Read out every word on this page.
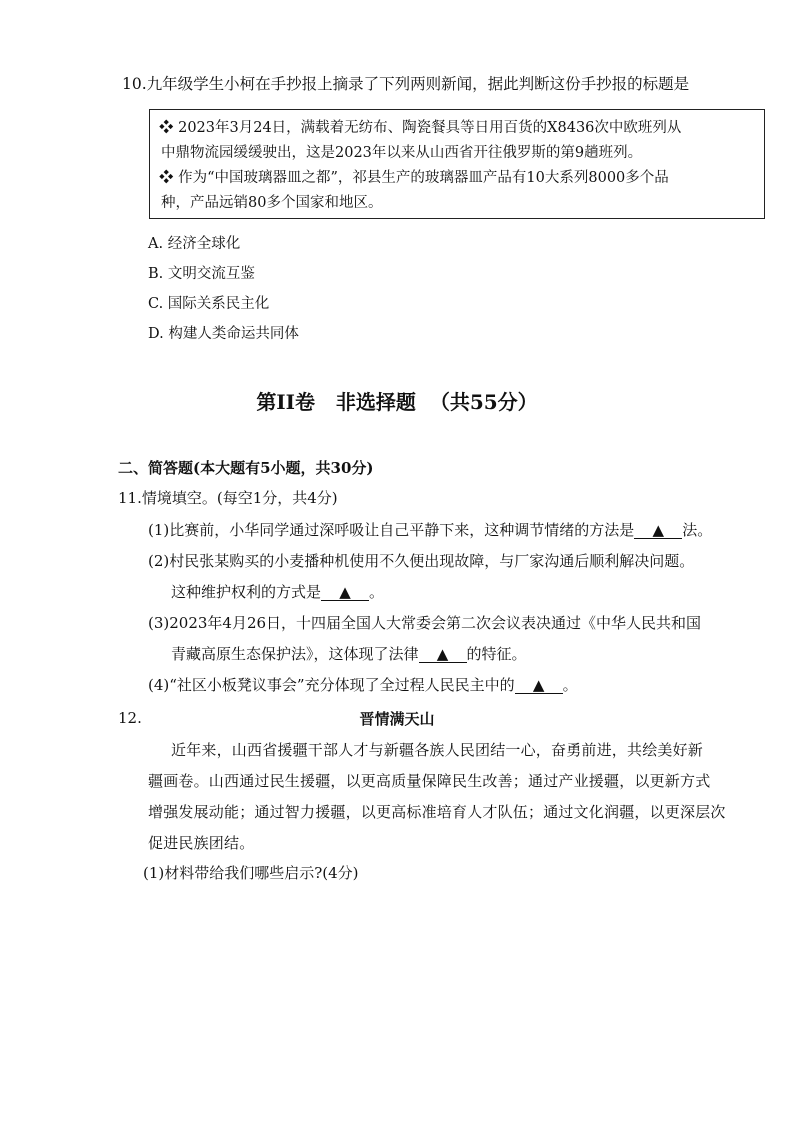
10.九年级学生小柯在手抄报上摘录了下列两则新闻，据此判断这份手抄报的标题是
❖ 2023年3月24日，满载着无纺布、陶瓷餐具等日用百货的X8436次中欧班列从
中鼎物流园缓缓驶出，这是2023年以来从山西省开往俄罗斯的第9趟班列。
❖ 作为“中国玻璃器皿之都”，祁县生产的玻璃器皿产品有10大系列8000多个品
种，产品远销80多个国家和地区。
A. 经济全球化
B. 文明交流互鉴
C. 国际关系民主化
D. 构建人类命运共同体
第II卷   非选择题  （共55分）
二、简答题(本大题有5小题，共30分)
11.情境填空。(每空1分，共4分)
(1)比赛前，小华同学通过深呼吸让自己平静下来，这种调节情绪的方法是 ▲ 法。
(2)村民张某购买的小麦播种机使用不久便出现故障，与厂家沟通后顺利解决问题。
这种维护权利的方式是 ▲ 。
(3)2023年4月26日，十四届全国人大常委会第二次会议表决通过《中华人民共和国
青藏高原生态保护法》，这体现了法律 ▲ 的特征。
(4)“社区小板凳议事会”充分体现了全过程人民民主中的 ▲ 。
12.	晋情满天山
近年来，山西省援疆干部人才与新疆各族人民团结一心，奋勇前进，共绘美好新
疆画卷。山西通过民生援疆，以更高质量保障民生改善；通过产业援疆，以更新方式
增强发展动能；通过智力援疆，以更高标准培育人才队伍；通过文化润疆，以更深层次
促进民族团结。
(1)材料带给我们哪些启示?(4分)
